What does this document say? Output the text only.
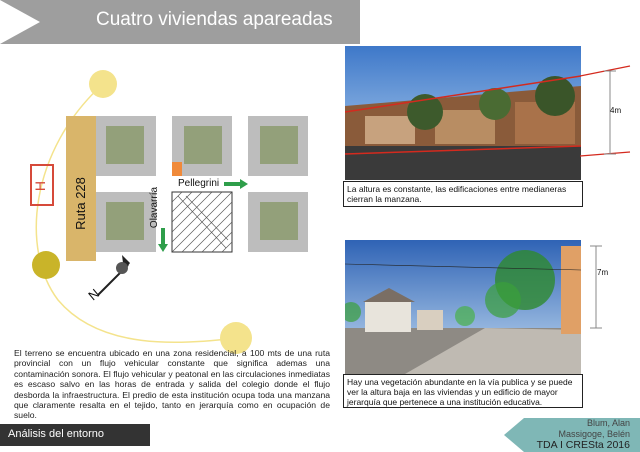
Cuatro viviendas apareadas
H Ruta 228	Pellegrini
Olavarría
N
4m
La altura es constante, las edificaciones entre medianeras cierran la manzana.
7m
Hay una vegetación abundante en la vía publica y se puede ver la altura baja en las viviendas y un edificio de mayor jerarquía que pertenece a una institución educativa.
El terreno se encuentra ubicado en una zona residencial, a 100 mts de una ruta provincial con un flujo vehicular constante que significa ademas una contaminación sonora. El flujo vehicular y peatonal en las circulaciones inmediatas es escaso salvo en las horas de entrada y salida del colegio donde el flujo desborda la infraestructura. El predio de esta institución ocupa toda una manzana que claramente resalta en el tejido, tanto en jerarquía como en ocupación de suelo.
Análisis del entorno
Blum, Alan
Massigoge, Belén
TDA I CRESta 2016
